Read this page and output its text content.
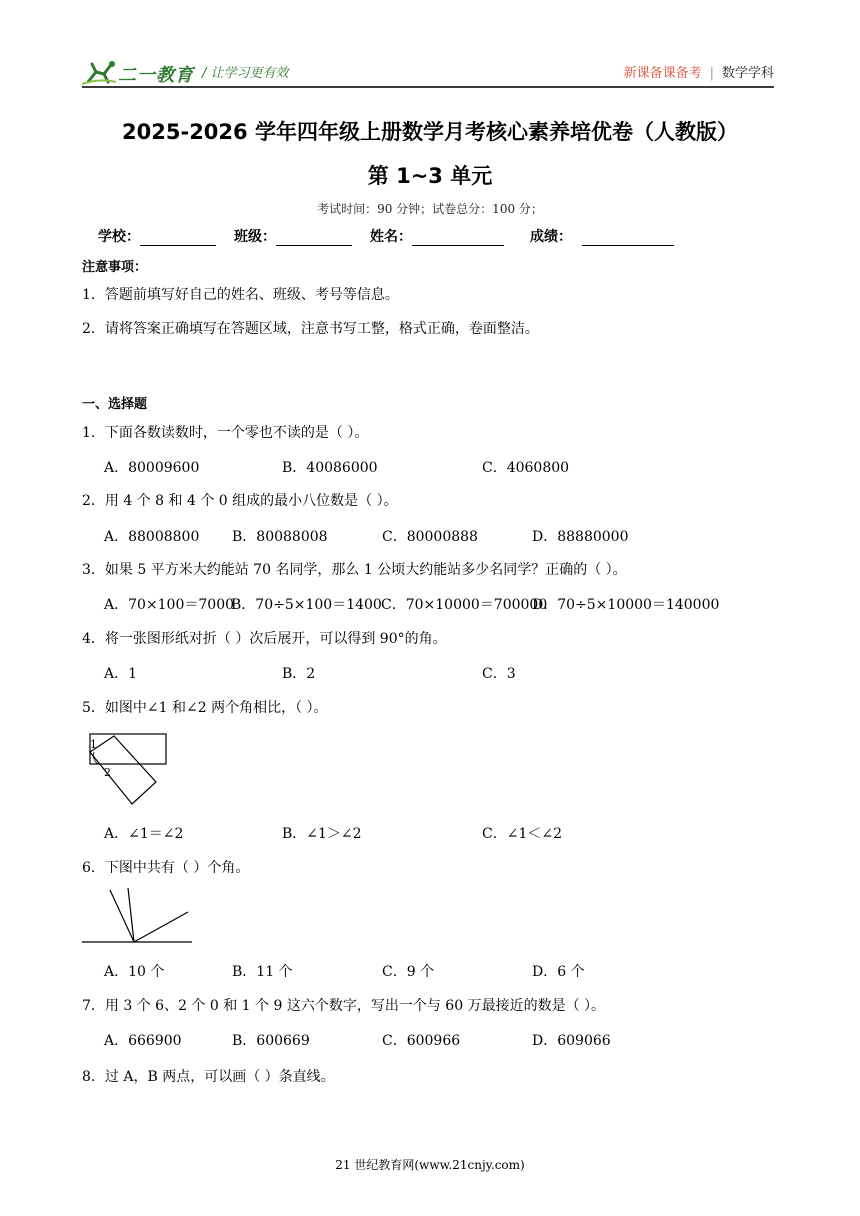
二一教育 / 让学习更有效	新课备课备考 | 数学学科
2025-2026 学年四年级上册数学月考核心素养培优卷（人教版）
第 1~3 单元
考试时间：90 分钟；试卷总分：100 分；
学校：	班级：	姓名：	成绩：
注意事项：
1．答题前填写好自己的姓名、班级、考号等信息。
2．请将答案正确填写在答题区域，注意书写工整，格式正确，卷面整洁。
一、选择题
1．下面各数读数时，一个零也不读的是（ ）。
A．80009600	B．40086000	C．4060800
2．用 4 个 8 和 4 个 0 组成的最小八位数是（ ）。
A．88008800 B．80088008	C．80000888	D．88880000
3．如果 5 平方米大约能站 70 名同学，那么 1 公顷大约能站多少名同学？正确的（ ）。
A．70×100＝7000
B．70÷5×100＝1400 C．70×10000＝700000
D．70÷5×10000＝140000
4．将一张图形纸对折（ ）次后展开，可以得到 90°的角。
A．1	B．2	C．3
5．如图中∠1 和∠2 两个角相比，（ ）。
1
2
A．∠1＝∠2	B．∠1＞∠2	C．∠1＜∠2
6．下图中共有（ ）个角。
A．10 个	B．11 个	C．9 个	D．6 个
7．用 3 个 6、2 个 0 和 1 个 9 这六个数字，写出一个与 60 万最接近的数是（ ）。
A．666900	B．600669	C．600966	D．609066
8．过 A，B 两点，可以画（ ）条直线。
21 世纪教育网(www.21cnjy.com)
